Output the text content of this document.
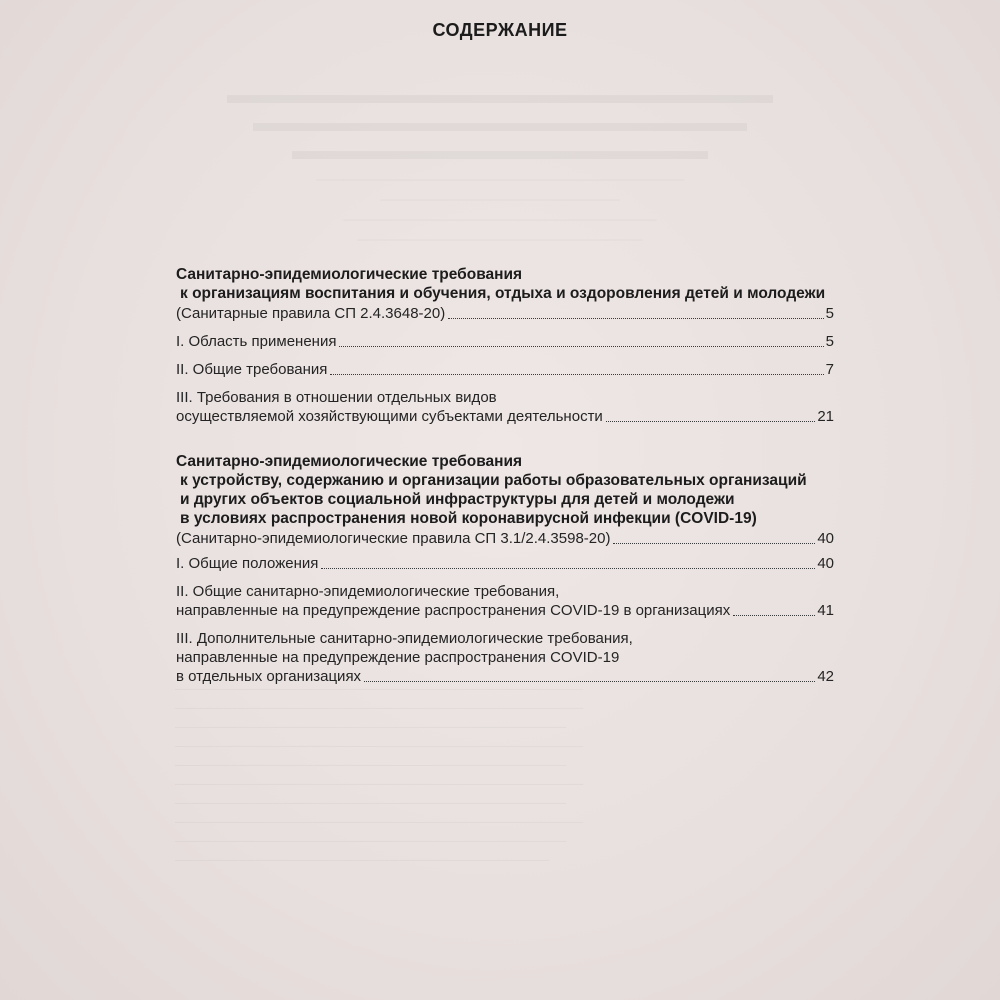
▬▬▬▬▬▬▬▬▬▬▬▬▬▬▬▬▬▬▬▬▬
▬▬▬▬▬▬▬▬▬▬▬▬▬▬▬▬▬▬▬
▬▬▬▬▬▬▬▬▬▬▬▬▬▬▬▬
────────────────────────────────────────
──────────────────────────
──────────────────────────────────
───────────────────────────────
────────────────────────────────────────────────
────────────────────────────────────────────────
──────────────────────────────────────────────
────────────────────────────────────────────────
──────────────────────────────────────────────
────────────────────────────────────────────────
──────────────────────────────────────────────
────────────────────────────────────────────────
──────────────────────────────────────────────
────────────────────────────────────────────
СОДЕРЖАНИЕ
Санитарно-эпидемиологические требования
к организациям воспитания и обучения, отдыха и оздоровления детей и молодежи
(Санитарные правила СП 2.4.3648-20)	5
I. Область применения	5
II. Общие требования	7
III. Требования в отношении отдельных видов
осуществляемой хозяйствующими субъектами деятельности	21
Санитарно-эпидемиологические требования
к устройству, содержанию и организации работы образовательных организаций
и других объектов социальной инфраструктуры для детей и молодежи
в условиях распространения новой коронавирусной инфекции (COVID-19)
(Санитарно-эпидемиологические правила СП 3.1/2.4.3598-20)	40
I. Общие положения	40
II. Общие санитарно-эпидемиологические требования,
направленные на предупреждение распространения COVID-19 в организациях	41
III. Дополнительные санитарно-эпидемиологические требования,
направленные на предупреждение распространения COVID-19
в отдельных организациях	42
